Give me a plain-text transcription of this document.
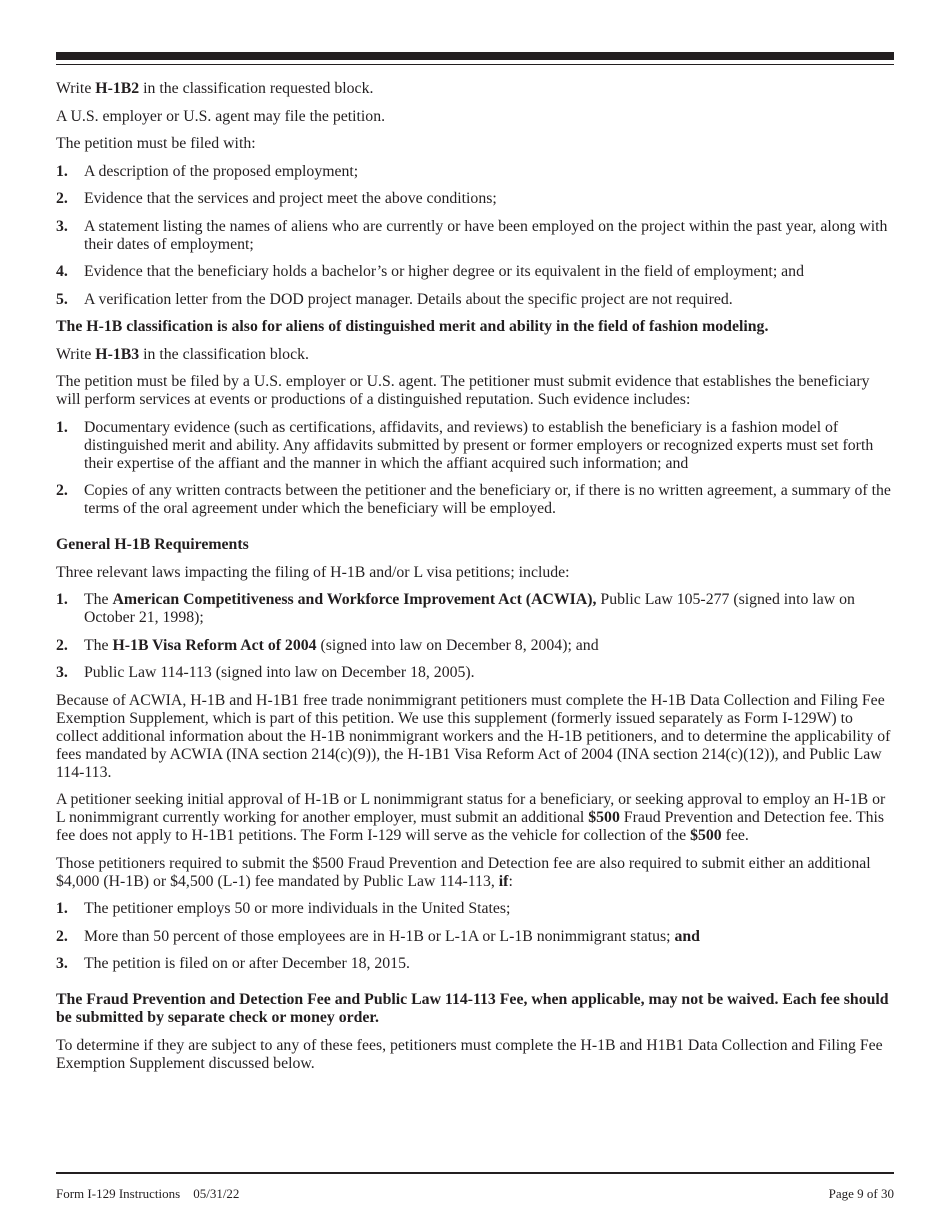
Write H-1B2 in the classification requested block.

A U.S. employer or U.S. agent may file the petition.

The petition must be filed with:

1. A description of the proposed employment;
2. Evidence that the services and project meet the above conditions;
3. A statement listing the names of aliens who are currently or have been employed on the project within the past year, along with their dates of employment;
4. Evidence that the beneficiary holds a bachelor’s or higher degree or its equivalent in the field of employment; and
5. A verification letter from the DOD project manager. Details about the specific project are not required.

The H-1B classification is also for aliens of distinguished merit and ability in the field of fashion modeling.

Write H-1B3 in the classification block.

The petition must be filed by a U.S. employer or U.S. agent. The petitioner must submit evidence that establishes the beneficiary will perform services at events or productions of a distinguished reputation. Such evidence includes:

1. Documentary evidence (such as certifications, affidavits, and reviews) to establish the beneficiary is a fashion model of distinguished merit and ability. Any affidavits submitted by present or former employers or recognized experts must set forth their expertise of the affiant and the manner in which the affiant acquired such information; and
2. Copies of any written contracts between the petitioner and the beneficiary or, if there is no written agreement, a summary of the terms of the oral agreement under which the beneficiary will be employed.

General H-1B Requirements

Three relevant laws impacting the filing of H-1B and/or L visa petitions; include:

1. The American Competitiveness and Workforce Improvement Act (ACWIA), Public Law 105-277 (signed into law on October 21, 1998);
2. The H-1B Visa Reform Act of 2004 (signed into law on December 8, 2004); and
3. Public Law 114-113 (signed into law on December 18, 2005).

Because of ACWIA, H-1B and H-1B1 free trade nonimmigrant petitioners must complete the H-1B Data Collection and Filing Fee Exemption Supplement, which is part of this petition. We use this supplement (formerly issued separately as Form I-129W) to collect additional information about the H-1B nonimmigrant workers and the H-1B petitioners, and to determine the applicability of fees mandated by ACWIA (INA section 214(c)(9)), the H-1B1 Visa Reform Act of 2004 (INA section 214(c)(12)), and Public Law 114-113.

A petitioner seeking initial approval of H-1B or L nonimmigrant status for a beneficiary, or seeking approval to employ an H-1B or L nonimmigrant currently working for another employer, must submit an additional $500 Fraud Prevention and Detection fee. This fee does not apply to H-1B1 petitions. The Form I-129 will serve as the vehicle for collection of the $500 fee.

Those petitioners required to submit the $500 Fraud Prevention and Detection fee are also required to submit either an additional $4,000 (H-1B) or $4,500 (L-1) fee mandated by Public Law 114-113, if:

1. The petitioner employs 50 or more individuals in the United States;
2. More than 50 percent of those employees are in H-1B or L-1A or L-1B nonimmigrant status; and
3. The petition is filed on or after December 18, 2015.

The Fraud Prevention and Detection Fee and Public Law 114-113 Fee, when applicable, may not be waived. Each fee should be submitted by separate check or money order.

To determine if they are subject to any of these fees, petitioners must complete the H-1B and H1B1 Data Collection and Filing Fee Exemption Supplement discussed below.

Form I-129 Instructions    05/31/22	Page 9 of 30
